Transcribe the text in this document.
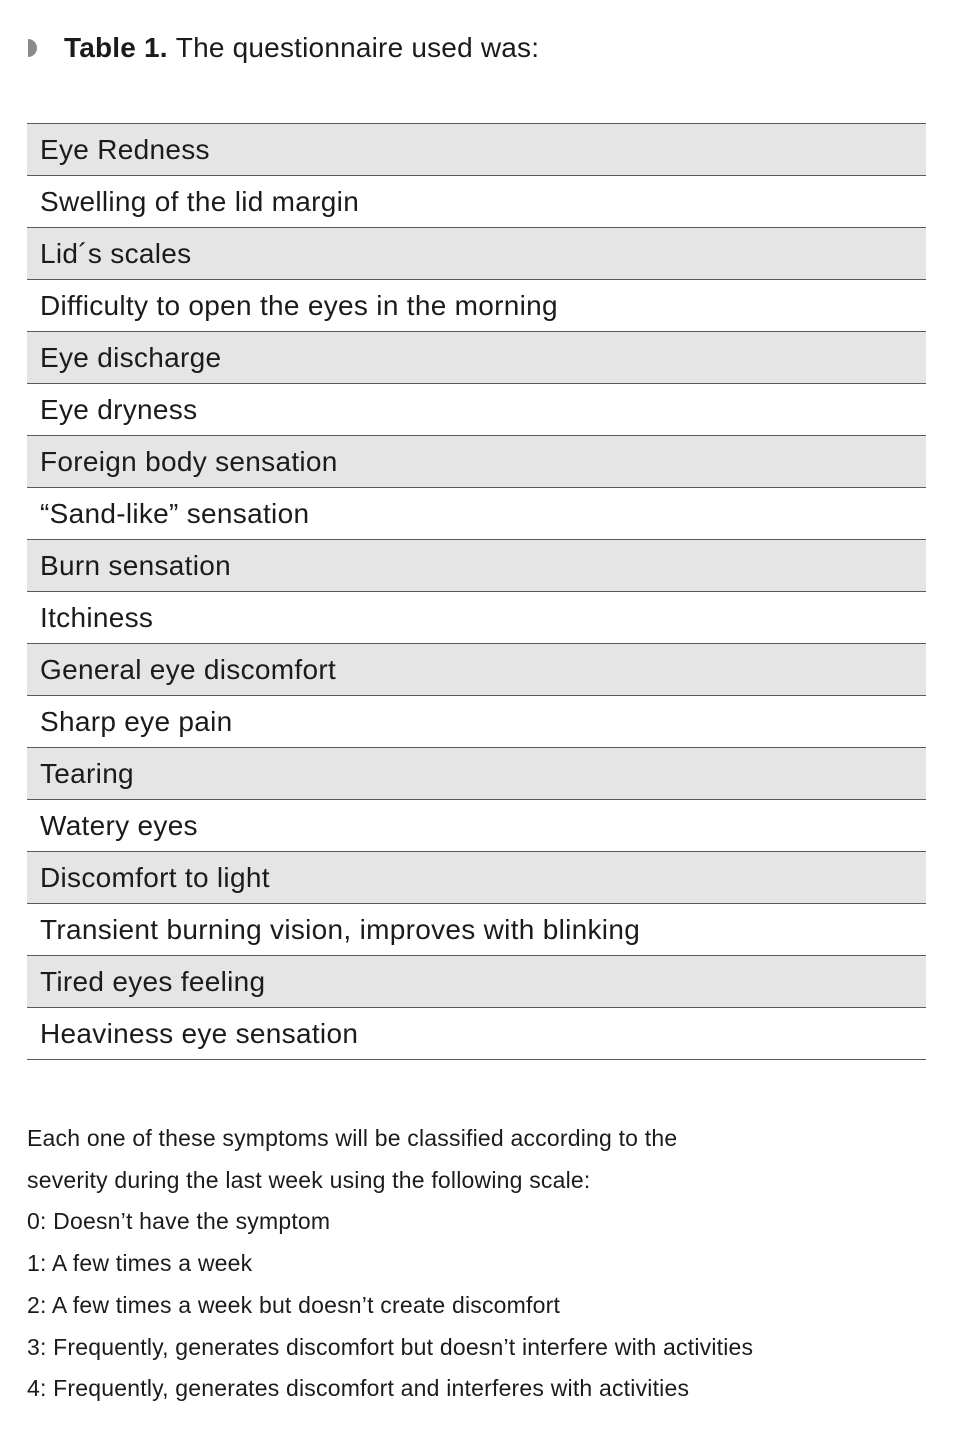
Table 1. The questionnaire used was:
Eye Redness
Swelling of the lid margin
Lid´s scales
Difficulty to open the eyes in the morning
Eye discharge
Eye dryness
Foreign body sensation
“Sand-like” sensation
Burn sensation
Itchiness
General eye discomfort
Sharp eye pain
Tearing
Watery eyes
Discomfort to light
Transient burning vision, improves with blinking
Tired eyes feeling
Heaviness eye sensation

Each one of these symptoms will be classified according to the

severity during the last week using the following scale:

0: Doesn’t have the symptom

1: A few times a week

2: A few times a week but doesn’t create discomfort

3: Frequently, generates discomfort but doesn’t interfere with activities

4: Frequently, generates discomfort and interferes with activities
